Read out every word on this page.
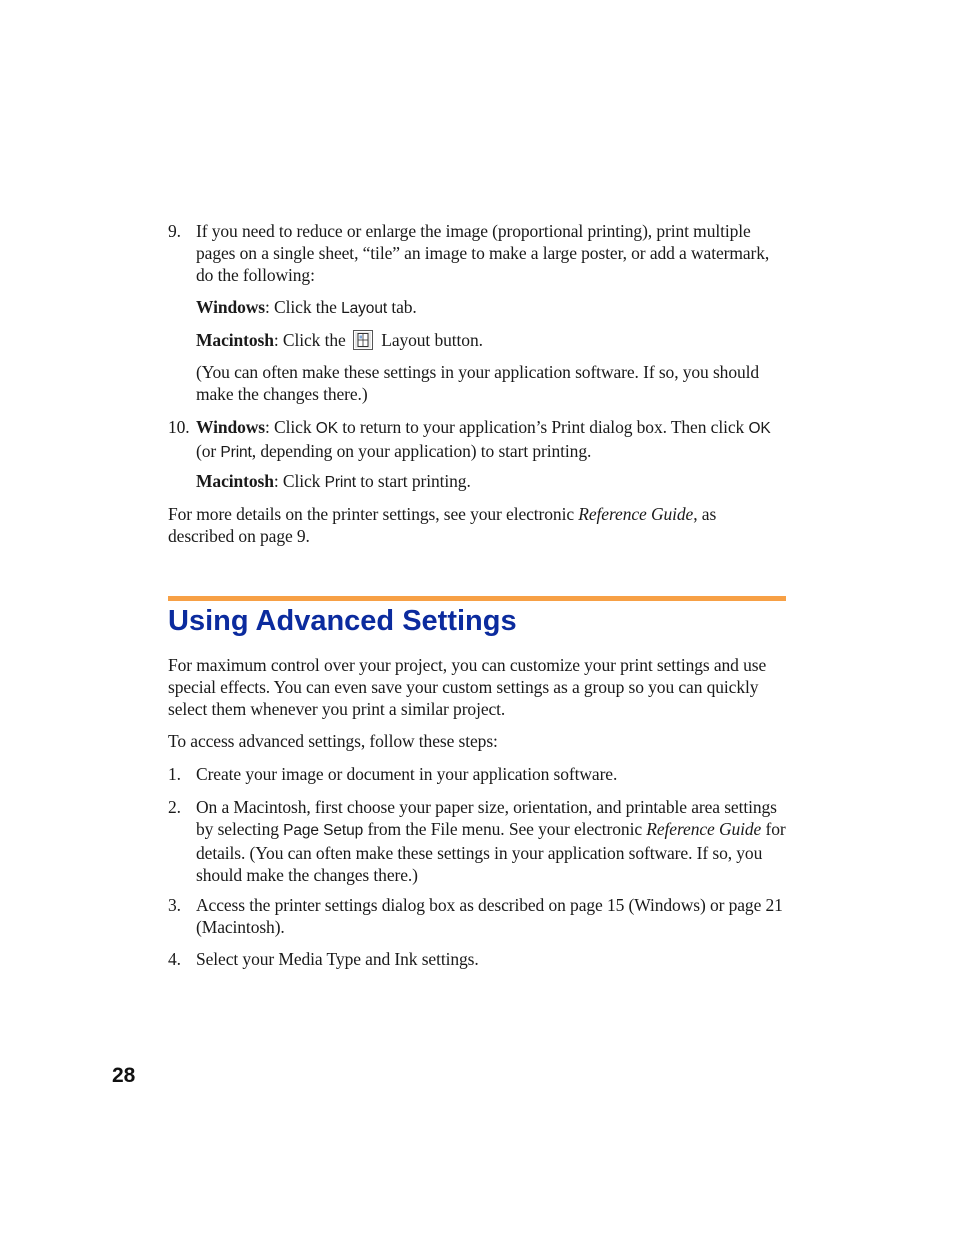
9. If you need to reduce or enlarge the image (proportional printing), print multiple pages on a single sheet, “tile” an image to make a large poster, or add a watermark, do the following:
Windows: Click the Layout tab.
Macintosh: Click the  Layout button.
(You can often make these settings in your application software. If so, you should make the changes there.)
10. Windows: Click OK to return to your application’s Print dialog box. Then click OK (or Print, depending on your application) to start printing.
Macintosh: Click Print to start printing.
For more details on the printer settings, see your electronic Reference Guide, as described on page 9.
Using Advanced Settings
For maximum control over your project, you can customize your print settings and use special effects. You can even save your custom settings as a group so you can quickly select them whenever you print a similar project.
To access advanced settings, follow these steps:
1. Create your image or document in your application software.
2. On a Macintosh, first choose your paper size, orientation, and printable area settings by selecting Page Setup from the File menu. See your electronic Reference Guide for details. (You can often make these settings in your application software. If so, you should make the changes there.)
3. Access the printer settings dialog box as described on page 15 (Windows) or page 21 (Macintosh).
4. Select your Media Type and Ink settings.
28
